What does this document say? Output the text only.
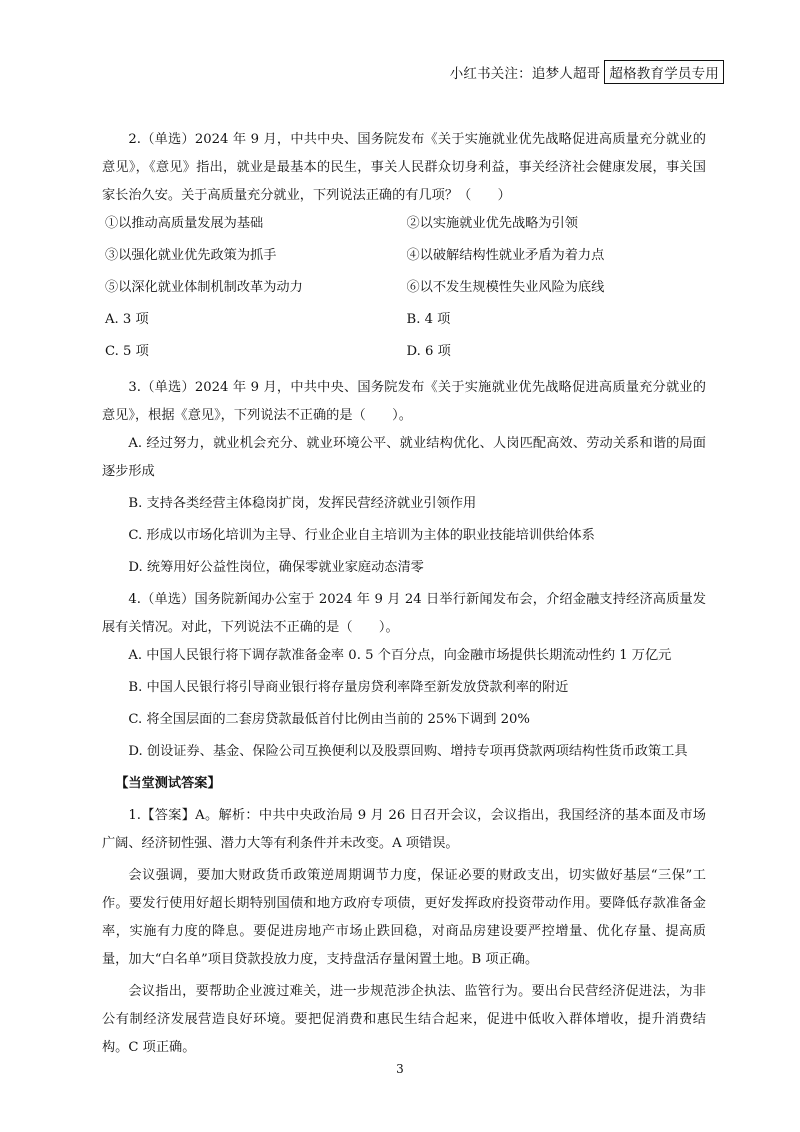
小红书关注：追梦人超哥 超格教育学员专用
2.（单选）2024 年 9 月，中共中央、国务院发布《关于实施就业优先战略促进高质量充分就业的意见》，《意见》指出，就业是最基本的民生，事关人民群众切身利益，事关经济社会健康发展，事关国家长治久安。关于高质量充分就业，下列说法正确的有几项？（　　）
①以推动高质量发展为基础	②以实施就业优先战略为引领
③以强化就业优先政策为抓手	④以破解结构性就业矛盾为着力点
⑤以深化就业体制机制改革为动力	⑥以不发生规模性失业风险为底线
A. 3 项	B. 4 项
C. 5 项	D. 6 项
3.（单选）2024 年 9 月，中共中央、国务院发布《关于实施就业优先战略促进高质量充分就业的意见》，根据《意见》，下列说法不正确的是（　　）。
A. 经过努力，就业机会充分、就业环境公平、就业结构优化、人岗匹配高效、劳动关系和谐的局面逐步形成
B. 支持各类经营主体稳岗扩岗，发挥民营经济就业引领作用
C. 形成以市场化培训为主导、行业企业自主培训为主体的职业技能培训供给体系
D. 统筹用好公益性岗位，确保零就业家庭动态清零
4.（单选）国务院新闻办公室于 2024 年 9 月 24 日举行新闻发布会，介绍金融支持经济高质量发展有关情况。对此，下列说法不正确的是（　　）。
A. 中国人民银行将下调存款准备金率 0. 5 个百分点，向金融市场提供长期流动性约 1 万亿元
B. 中国人民银行将引导商业银行将存量房贷利率降至新发放贷款利率的附近
C. 将全国层面的二套房贷款最低首付比例由当前的 25%下调到 20%
D. 创设证券、基金、保险公司互换便利以及股票回购、增持专项再贷款两项结构性货币政策工具
【当堂测试答案】
1.【答案】A。解析：中共中央政治局 9 月 26 日召开会议，会议指出，我国经济的基本面及市场广阔、经济韧性强、潜力大等有利条件并未改变。A 项错误。
会议强调，要加大财政货币政策逆周期调节力度，保证必要的财政支出，切实做好基层“三保”工作。要发行使用好超长期特别国债和地方政府专项债，更好发挥政府投资带动作用。要降低存款准备金率，实施有力度的降息。要促进房地产市场止跌回稳，对商品房建设要严控增量、优化存量、提高质量，加大“白名单”项目贷款投放力度，支持盘活存量闲置土地。B 项正确。
会议指出，要帮助企业渡过难关，进一步规范涉企执法、监管行为。要出台民营经济促进法，为非公有制经济发展营造良好环境。要把促消费和惠民生结合起来，促进中低收入群体增收，提升消费结构。C 项正确。
3
